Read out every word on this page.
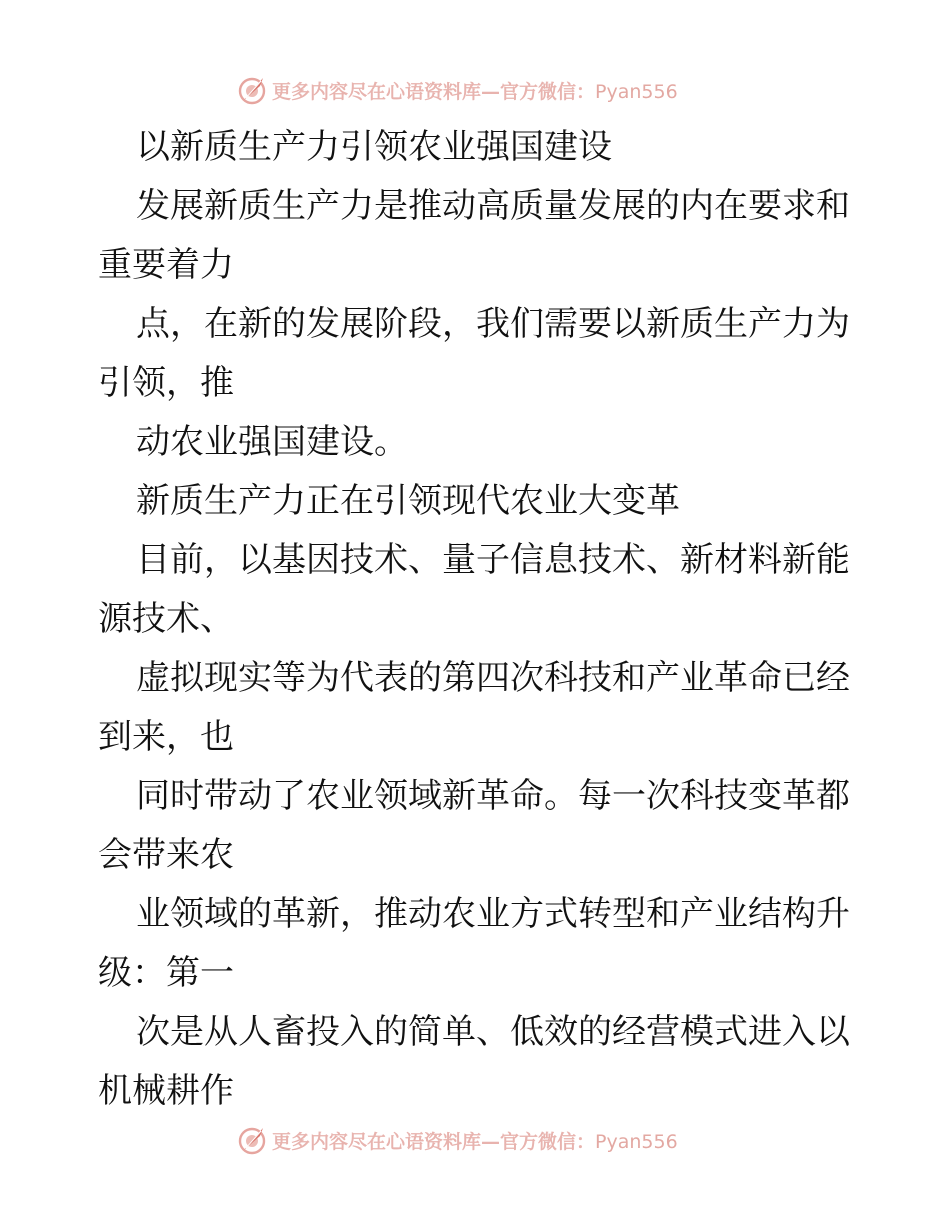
更多内容尽在心语资料库—官方微信：Pyan556
以新质生产力引领农业强国建设
发展新质生产力是推动高质量发展的内在要求和
重要着力
点，在新的发展阶段，我们需要以新质生产力为
引领，推
动农业强国建设。
新质生产力正在引领现代农业大变革
目前，以基因技术、量子信息技术、新材料新能
源技术、
虚拟现实等为代表的第四次科技和产业革命已经
到来，也
同时带动了农业领域新革命。每一次科技变革都
会带来农
业领域的革新，推动农业方式转型和产业结构升
级：第一
次是从人畜投入的简单、低效的经营模式进入以
机械耕作
更多内容尽在心语资料库—官方微信：Pyan556
